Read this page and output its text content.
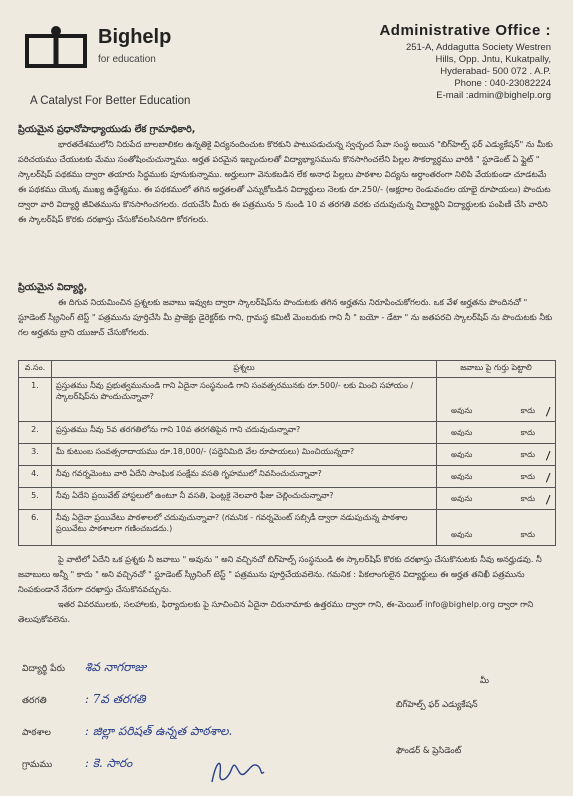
Bighelp
for education
A Catalyst For Better Education
Administrative Office :
251-A, Addagutta Society Westren
Hills, Opp. Jntu, Kukatpally,
Hyderabad- 500 072 . A.P.
Phone : 040-23082224
E-mail :admin@bighelp.org
ప్రియమైన ప్రధానోపాధ్యాయుడు లేక గ్రామాధికారి,
భారతదేశములోని నిరుపేద బాలబాలికల ఉన్నతికై విద్యనందించుట కొరకుని పాటుపడుచున్న స్వచ్ఛంద సేవా సంస్థ అయిన "బిగ్‌హెల్ప్ ఫర్ ఎడ్యుకేషన్" ను మీకు పరిచయము చేయుటకు మేము సంతోషించుచున్నాము. అర్హత పరమైన ఇబ్బందులతో విద్యాభ్యాసమును కొనసాగించలేని పిల్లల సౌకర్యార్ధము వారికి " స్టూడెంట్ ఏ ఫ్లైట్ " స్కాలర్‌షిప్ పథకము ద్వారా తయారు సిద్ధముకు పూనుకున్నాము. అర్హులుగా వెనుకబడిన లేక అనాధ పిల్లలు పాఠశాల విద్యను అర్ధాంతరంగా నిలిపి వేయకుండా చూడటమే ఈ పథకము యొక్క ముఖ్య ఉద్దేశ్యము. ఈ పథకములో తగిన అర్హతలతో ఎన్నుకోబడిన విద్యార్థులు నెలకు రూ.250/- (అక్షరాల రెండువందల యాభై రూపాయలు) పొందుట ద్వారా వారి విద్యార్థి జీవితమును కొనసాగించగలరు. దయచేసి మీరు ఈ పత్రమును 5 నుండి 10 వ తరగతి వరకు చదువుచున్న విద్యార్థిని విద్యార్థులకు పంపిణీ చేసి వారిని ఈ స్కాలర్‌షిప్ కొరకు దరఖాస్తు చేసుకోవలసినదిగా కోరగలరు.
ప్రియమైన విద్యార్థి,
ఈ దిగువ నియమించిన ప్రశ్నలకు జవాబు ఇవ్వుట ద్వారా స్కాలర్‌షిప్‌ను పొందుటకు తగిన అర్హతను నిరూపించుకోగలరు. ఒక వేళ అర్హతను పొందినచో " స్టూడెంట్ స్క్రీనింగ్ టెస్ట్ " పత్రమును పూర్తిచేసి మీ ప్రాజెక్టు డైరెక్టర్‌కు గాని, గ్రామస్థ కమిటీ మెంబరుకు గాని నీ " బయో - డేటా " ను జతపరచి స్కాలర్‌షిప్ ను పొందుటకు నీకు గల అర్హతను బ్రాని యుజుచ్ చేసుకోగలరు.
వ.సం.	ప్రశ్నలు	జవాబు పై గుర్తు పెట్టాలి
1.	ప్రస్తుతము నీవు ప్రభుత్వమునుండి గాని ఏదైనా సంస్థనుండి గాని సంవత్సరమునకు రూ.500/- లకు మించి సహాయం / స్కాలర్‌షిప్‌ను పొందుచున్నావా?	అవును కాదు

2.	ప్రస్తుతము నీవు 5వ తరగతిలోను గాని 10వ తరగతిపైన గాని చదువుచున్నావా?	అవును కాదు

3.	మీ కుటుంబ సంవత్సరాదాయము రూ.18,000/- (పద్దెనిమిది వేల రూపాయలు) మించియున్నదా?	అవును కాదు

4.	నీవు గవర్నమెంటు వారి ఏదేని సాంఘిక సంక్షేమ వసతి గృహములో నివసించుచున్నావా?	అవును కాదు

5.	నీవు ఏదేని ప్రయివేట్ హాస్టలులో ఉంటూ నీ వసతి, ఫెంట్లకై నెలవారి ఫీజు చెల్లించుచున్నావా?	అవును కాదు

6.	నీవు ఏదైనా ప్రయివేటు పాఠశాలలో చదువుచున్నావా? (గమనిక - గవర్నమెంట్ సబ్సిడీ ద్వారా నడుపుచున్న పాఠశాల ప్రయివేటు పాఠశాలగా గణించబడదు.)	అవును కాదు
పై వాటిలో ఏదేని ఒక ప్రశ్నకు నీ జవాబు " అవును " అని వచ్చినచో బిగ్‌హెల్ప్ సంస్థనుండి ఈ స్కాలర్‌షిప్ కొరకు దరఖాస్తు చేసుకొనుటకు నీవు అనర్హుడవు. నీ జవాబులు అన్నీ " కాదు " అని వచ్చినచో " స్టూడెంట్ స్క్రీనింగ్ టెస్ట్ " పత్రమును పూర్తిచేయవలెను. గమనిక : పికలాంగులైన విద్యార్థులు ఈ అర్హత తనిఖీ పత్రమును నింపకుండానే నేరుగా దరఖాస్తు చేసుకొనవచ్చును.
ఇతర వివరములకు, సలహాలకు, ఫిర్యాదులకు పై సూచించిన ఏదైనా చిరునామాకు ఉత్తరము ద్వారా గాని, ఈ-మెయిల్ info@bighelp.org ద్వారా గాని తెలుపుకోవలెను.
విద్యార్థి పేరు శివ నాగరాజు
తరగతి	: 7వ తరగతి
పాఠశాల	: జిల్లా పరిషత్ ఉన్నత పాఠశాల.
గ్రామము	: కె. సారం
మీ
బిగ్‌హెల్ప్ ఫర్ ఎడ్యుకేషన్
ఫౌండర్ & ప్రెసిడెంట్
